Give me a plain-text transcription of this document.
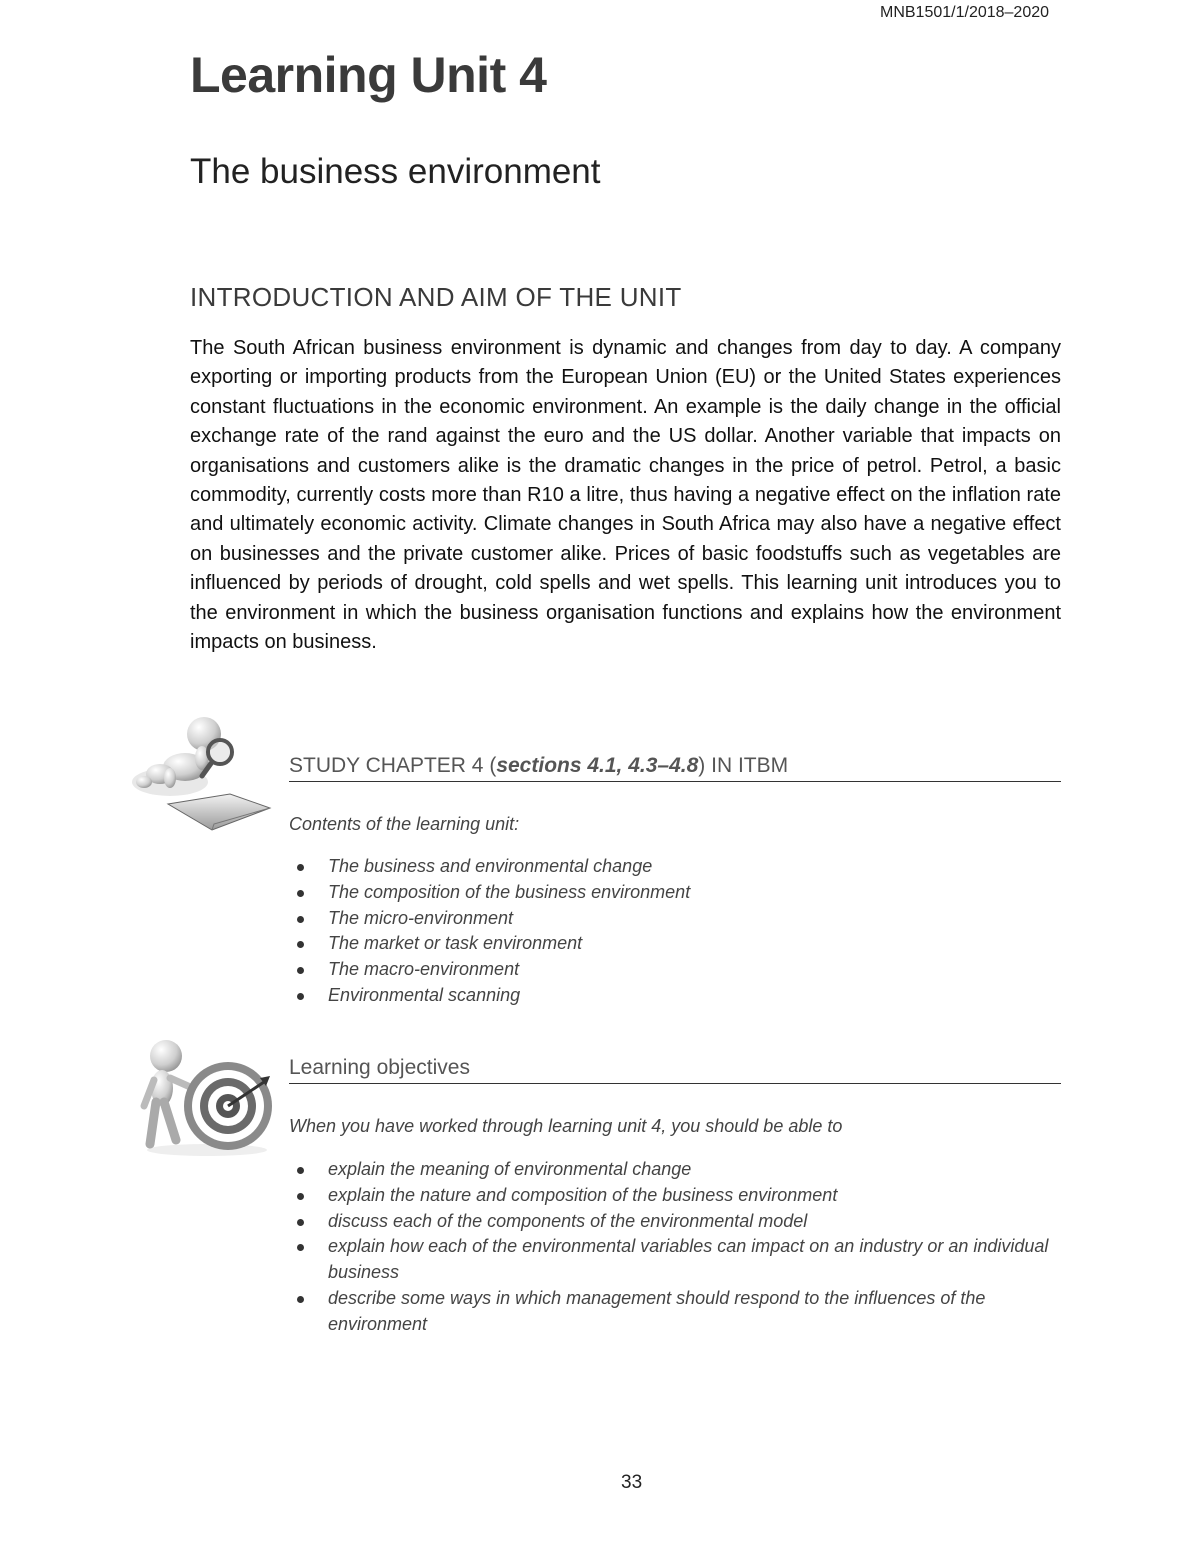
MNB1501/1/2018–2020
Learning Unit 4
The business environment
INTRODUCTION AND AIM OF THE UNIT

The South African business environment is dynamic and changes from day to day. A company exporting or importing products from the European Union (EU) or the United States experiences constant fluctuations in the economic environment. An example is the daily change in the official exchange rate of the rand against the euro and the US dollar. Another variable that impacts on organisations and customers alike is the dramatic changes in the price of petrol. Petrol, a basic commodity, currently costs more than R10 a litre, thus having a negative effect on the inflation rate and ultimately economic activity. Climate changes in South Africa may also have a negative effect on businesses and the private customer alike. Prices of basic foodstuffs such as vegetables are influenced by periods of drought, cold spells and wet spells. This learning unit introduces you to the environment in which the business organisation functions and explains how the environment impacts on business.

STUDY CHAPTER 4 (sections 4.1, 4.3–4.8) IN ITBM

Contents of the learning unit:

The business and environmental change
The composition of the business environment
The micro-environment
The market or task environment
The macro-environment
Environmental scanning
Learning objectives

When you have worked through learning unit 4, you should be able to

explain the meaning of environmental change
explain the nature and composition of the business environment
discuss each of the components of the environmental model
explain how each of the environmental variables can impact on an industry or an individual business
describe some ways in which management should respond to the influences of the environment
33
